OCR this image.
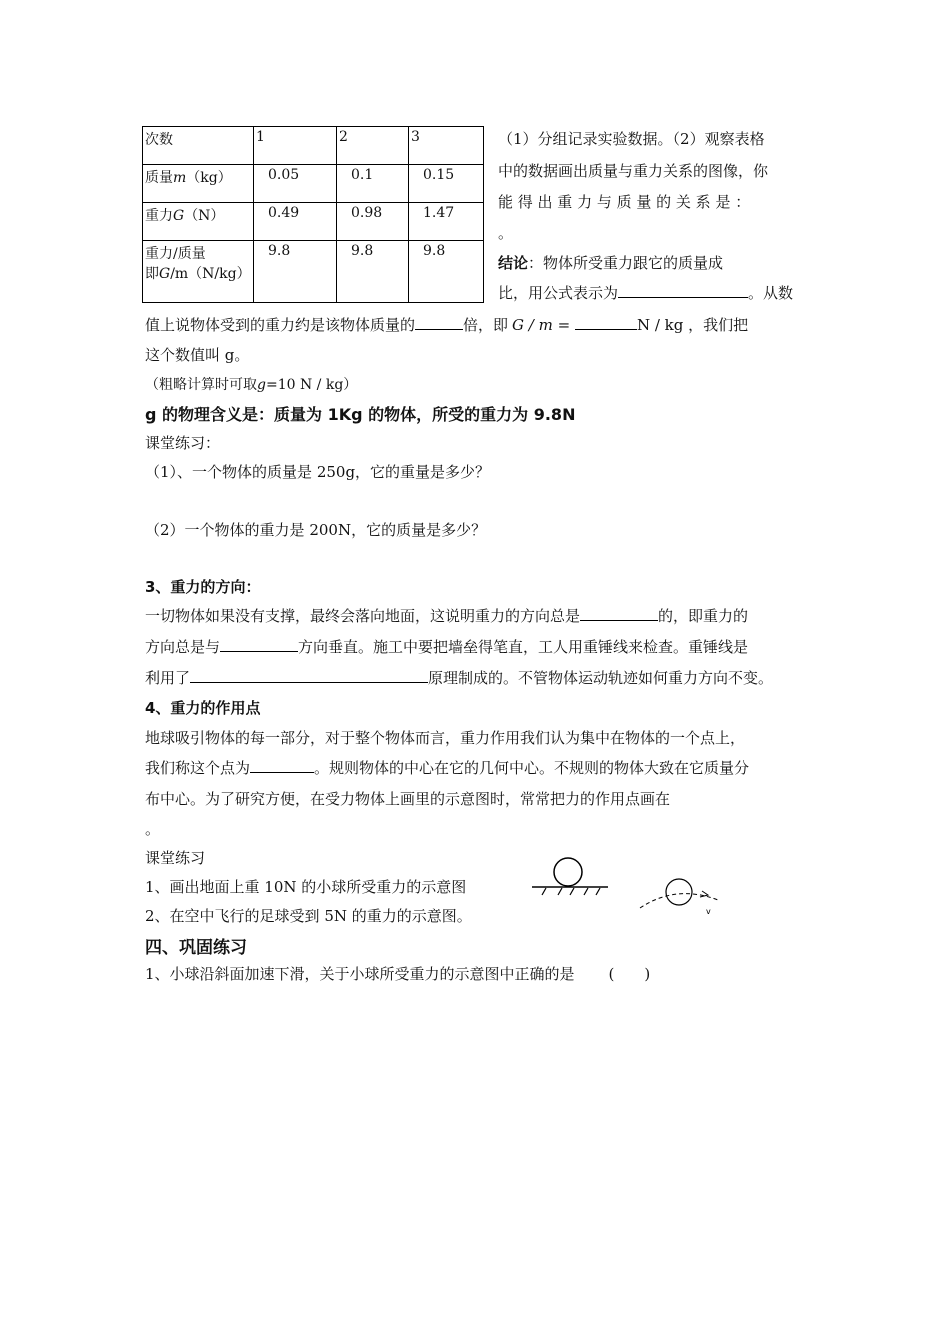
次数	1	2	3
质量m（kg）	0.05	0.1	0.15
重力G（N）	0.49	0.98	1.47
重力/质量
即G/m（N/kg）	9.8	9.8	9.8
（1）分组记录实验数据。（2）观察表格
中的数据画出质量与重力关系的图像，你
能 得 出 重 力 与 质 量 的 关 系 是 ：
。
结论：物体所受重力跟它的质量成
比，用公式表示为	。从数
值上说物体受到的重力约是该物体质量的	倍，即 G / m =	N / kg ，我们把
这个数值叫 g。
（粗略计算时可取g=10 N / kg）
g 的物理含义是：质量为 1Kg 的物体，所受的重力为 9.8N
课堂练习：
（1）、一个物体的质量是 250g，它的重量是多少？
（2）一个物体的重力是 200N，它的质量是多少？
3、重力的方向：
一切物体如果没有支撑，最终会落向地面，这说明重力的方向总是	的，即重力的
方向总是与	方向垂直。施工中要把墙垒得笔直，工人用重锤线来检查。重锤线是
利用了	原理制成的。不管物体运动轨迹如何重力方向不变。
4、重力的作用点
地球吸引物体的每一部分，对于整个物体而言，重力作用我们认为集中在物体的一个点上，
我们称这个点为	。规则物体的中心在它的几何中心。不规则的物体大致在它质量分
布中心。为了研究方便，在受力物体上画里的示意图时，常常把力的作用点画在
。
课堂练习
1、画出地面上重 10N 的小球所受重力的示意图
2、在空中飞行的足球受到 5N 的重力的示意图。	v
四、巩固练习
1、小球沿斜面加速下滑，关于小球所受重力的示意图中正确的是 (　　)
